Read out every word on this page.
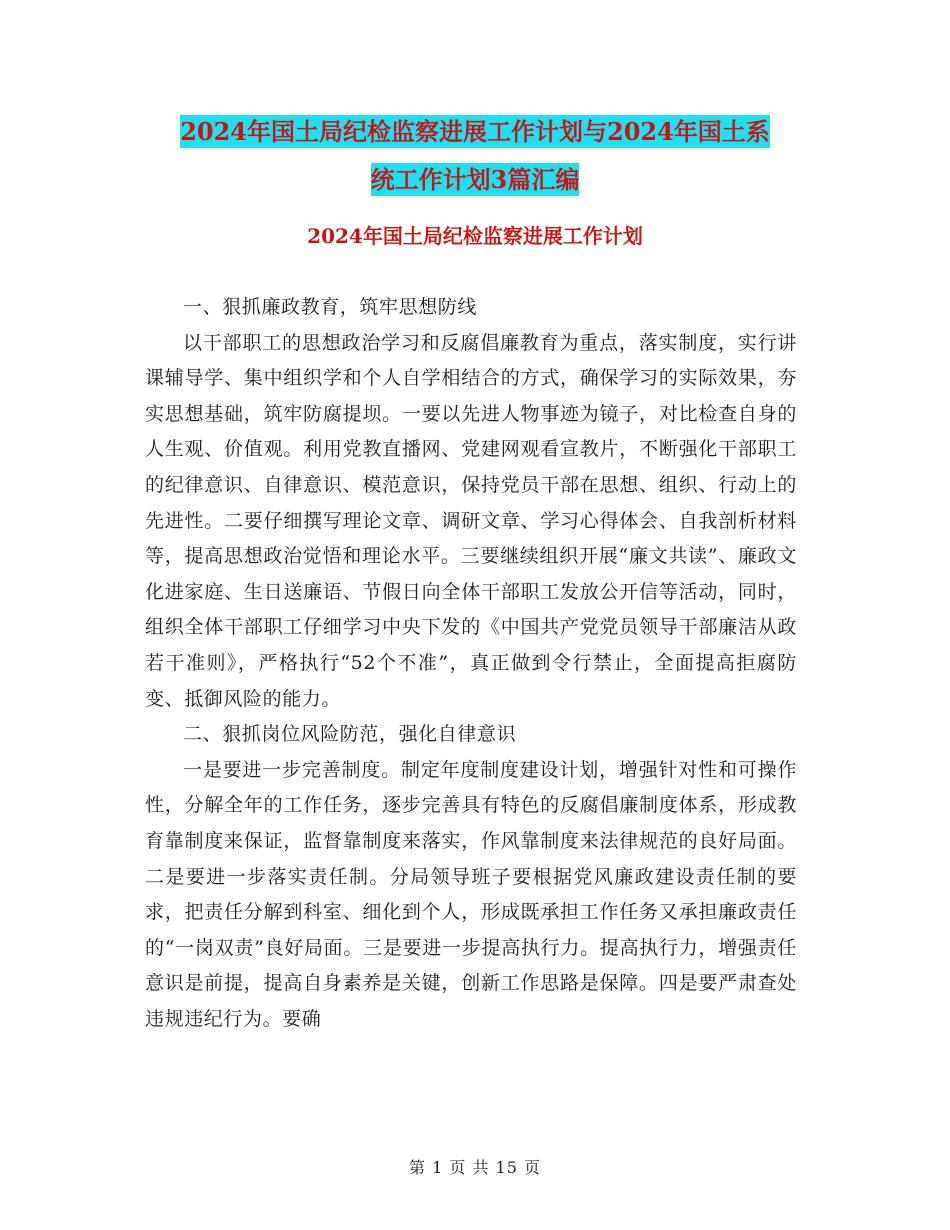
2024年国土局纪检监察进展工作计划与2024年国土系
统工作计划3篇汇编
2024年国土局纪检监察进展工作计划

一、狠抓廉政教育，筑牢思想防线

以干部职工的思想政治学习和反腐倡廉教育为重点，落实制度，实行讲课辅导学、集中组织学和个人自学相结合的方式，确保学习的实际效果，夯实思想基础，筑牢防腐提坝。一要以先进人物事迹为镜子，对比检查自身的人生观、价值观。利用党教直播网、党建网观看宣教片，不断强化干部职工的纪律意识、自律意识、模范意识，保持党员干部在思想、组织、行动上的先进性。二要仔细撰写理论文章、调研文章、学习心得体会、自我剖析材料等，提高思想政治觉悟和理论水平。三要继续组织开展“廉文共读”、廉政文化进家庭、生日送廉语、节假日向全体干部职工发放公开信等活动，同时，组织全体干部职工仔细学习中央下发的《中国共产党党员领导干部廉洁从政若干准则》，严格执行“52个不准”，真正做到令行禁止，全面提高拒腐防变、抵御风险的能力。

二、狠抓岗位风险防范，强化自律意识

一是要进一步完善制度。制定年度制度建设计划，增强针对性和可操作性，分解全年的工作任务，逐步完善具有特色的反腐倡廉制度体系，形成教育靠制度来保证，监督靠制度来落实，作风靠制度来法律规范的良好局面。二是要进一步落实责任制。分局领导班子要根据党风廉政建设责任制的要求，把责任分解到科室、细化到个人，形成既承担工作任务又承担廉政责任的“一岗双责”良好局面。三是要进一步提高执行力。提高执行力，增强责任意识是前提，提高自身素养是关键，创新工作思路是保障。四是要严肃查处违规违纪行为。要确

第 1 页 共 15 页
